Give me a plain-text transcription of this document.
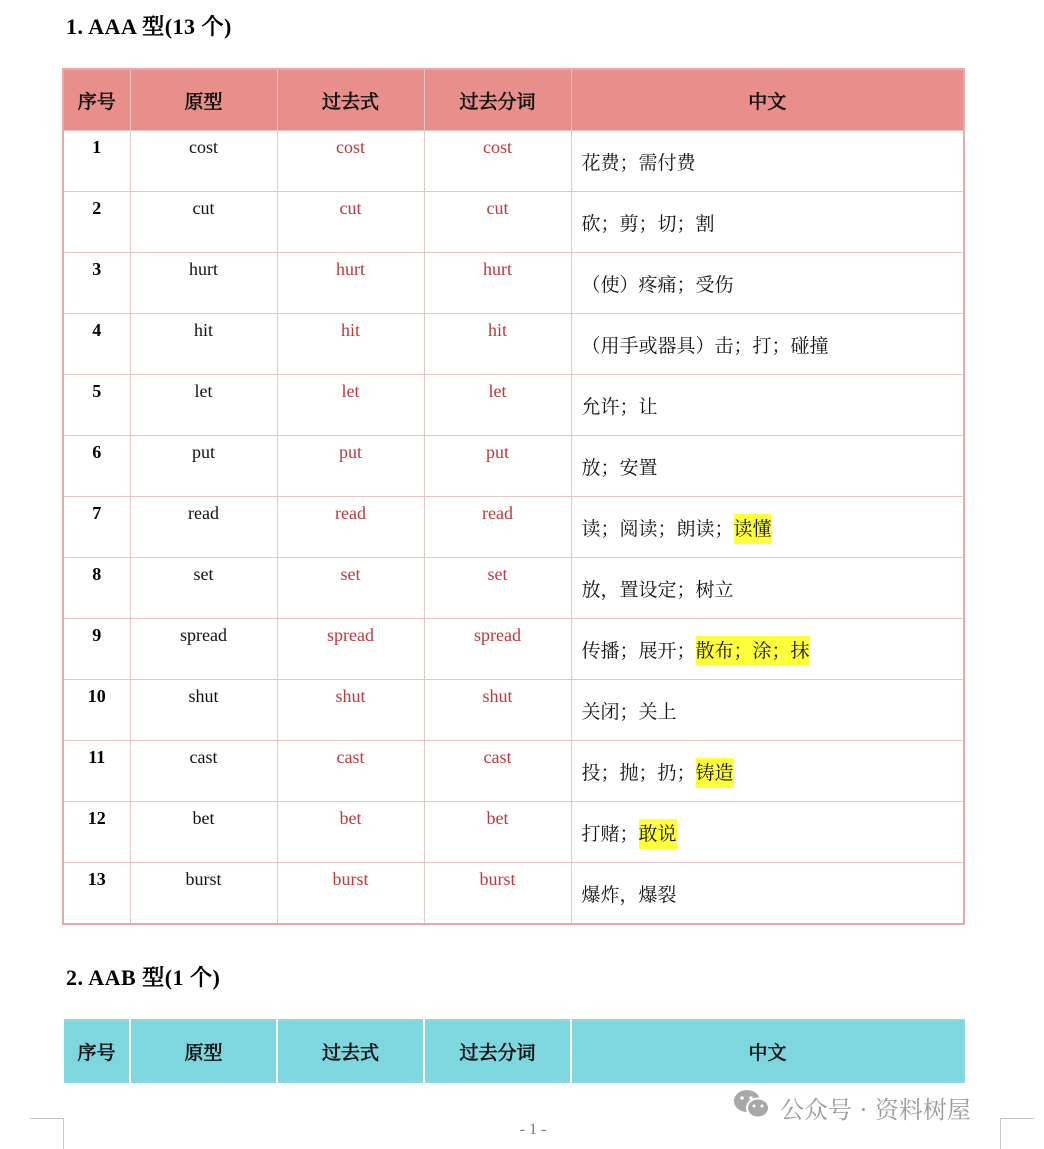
1. AAA 型(13 个)
序号	原型	过去式	过去分词	中文

1	cost	cost	cost	花费；需付费

2	cut	cut	cut	砍；剪；切；割

3	hurt	hurt	hurt	（使）疼痛；受伤

4	hit	hit	hit	（用手或器具）击；打；碰撞

5	let	let	let	允许；让

6	put	put	put	放；安置

7	read	read	read	读；阅读；朗读；读懂

8	set	set	set	放，置设定；树立

9	spread	spread	spread	传播；展开；散布；涂；抹

10	shut	shut	shut	关闭；关上

11	cast	cast	cast	投；抛；扔；铸造

12	bet	bet	bet	打赌；敢说

13	burst	burst	burst	爆炸，爆裂
2. AAB 型(1 个)
序号	原型	过去式	过去分词	中文
- 1 -
公众号 · 资料树屋
